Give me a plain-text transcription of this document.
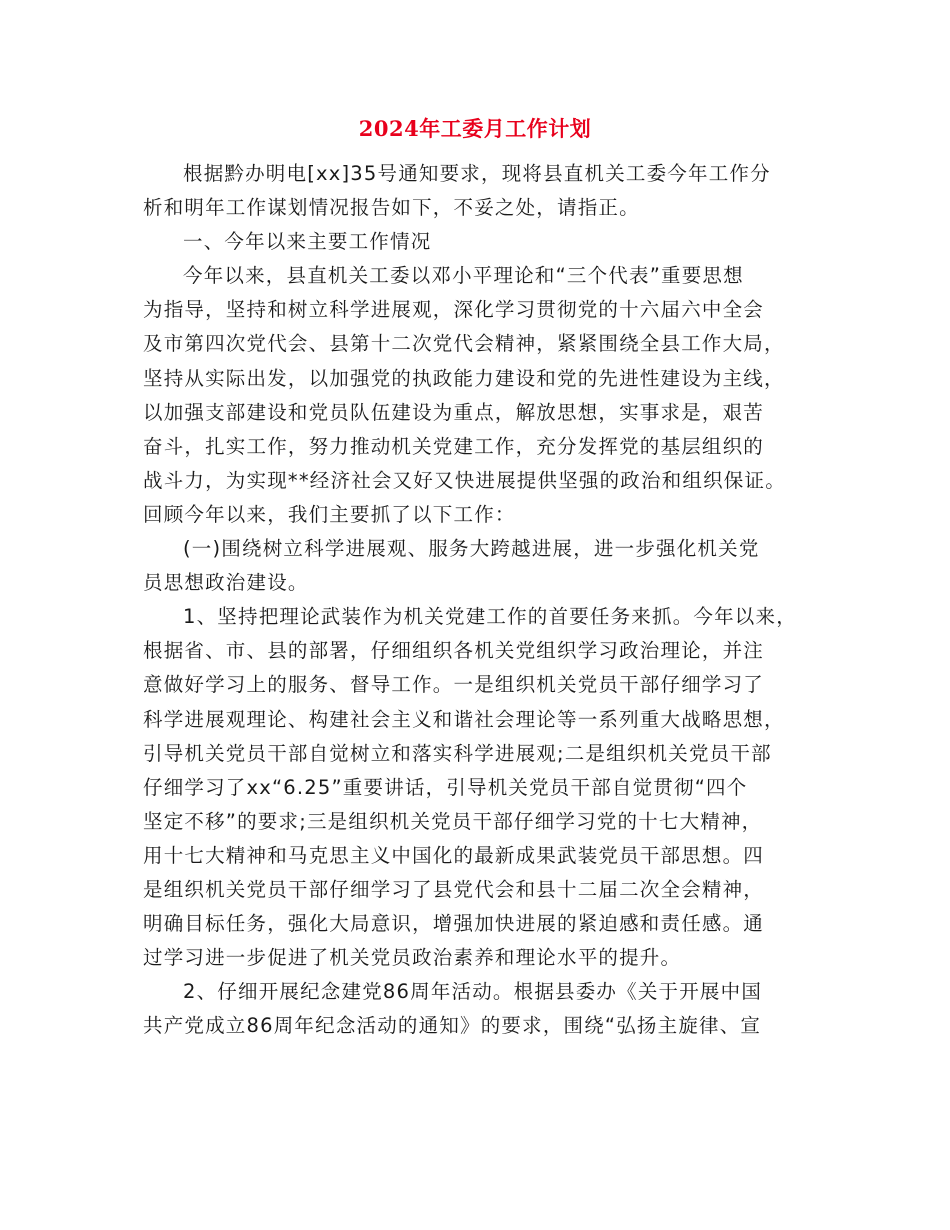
2024年工委月工作计划
根据黔办明电[xx]35号通知要求，现将县直机关工委今年工作分
析和明年工作谋划情况报告如下，不妥之处，请指正。
一、今年以来主要工作情况
今年以来，县直机关工委以邓小平理论和“三个代表”重要思想
为指导，坚持和树立科学进展观，深化学习贯彻党的十六届六中全会
及市第四次党代会、县第十二次党代会精神，紧紧围绕全县工作大局，
坚持从实际出发，以加强党的执政能力建设和党的先进性建设为主线，
以加强支部建设和党员队伍建设为重点，解放思想，实事求是，艰苦
奋斗，扎实工作，努力推动机关党建工作，充分发挥党的基层组织的
战斗力，为实现**经济社会又好又快进展提供坚强的政治和组织保证。
回顾今年以来，我们主要抓了以下工作：
(一)围绕树立科学进展观、服务大跨越进展，进一步强化机关党
员思想政治建设。
1、坚持把理论武装作为机关党建工作的首要任务来抓。今年以来，
根据省、市、县的部署，仔细组织各机关党组织学习政治理论，并注
意做好学习上的服务、督导工作。一是组织机关党员干部仔细学习了
科学进展观理论、构建社会主义和谐社会理论等一系列重大战略思想，
引导机关党员干部自觉树立和落实科学进展观;二是组织机关党员干部
仔细学习了xx“6.25”重要讲话，引导机关党员干部自觉贯彻“四个
坚定不移”的要求;三是组织机关党员干部仔细学习党的十七大精神，
用十七大精神和马克思主义中国化的最新成果武装党员干部思想。四
是组织机关党员干部仔细学习了县党代会和县十二届二次全会精神，
明确目标任务，强化大局意识，增强加快进展的紧迫感和责任感。通
过学习进一步促进了机关党员政治素养和理论水平的提升。
2、仔细开展纪念建党86周年活动。根据县委办《关于开展中国
共产党成立86周年纪念活动的通知》的要求，围绕“弘扬主旋律、宣
